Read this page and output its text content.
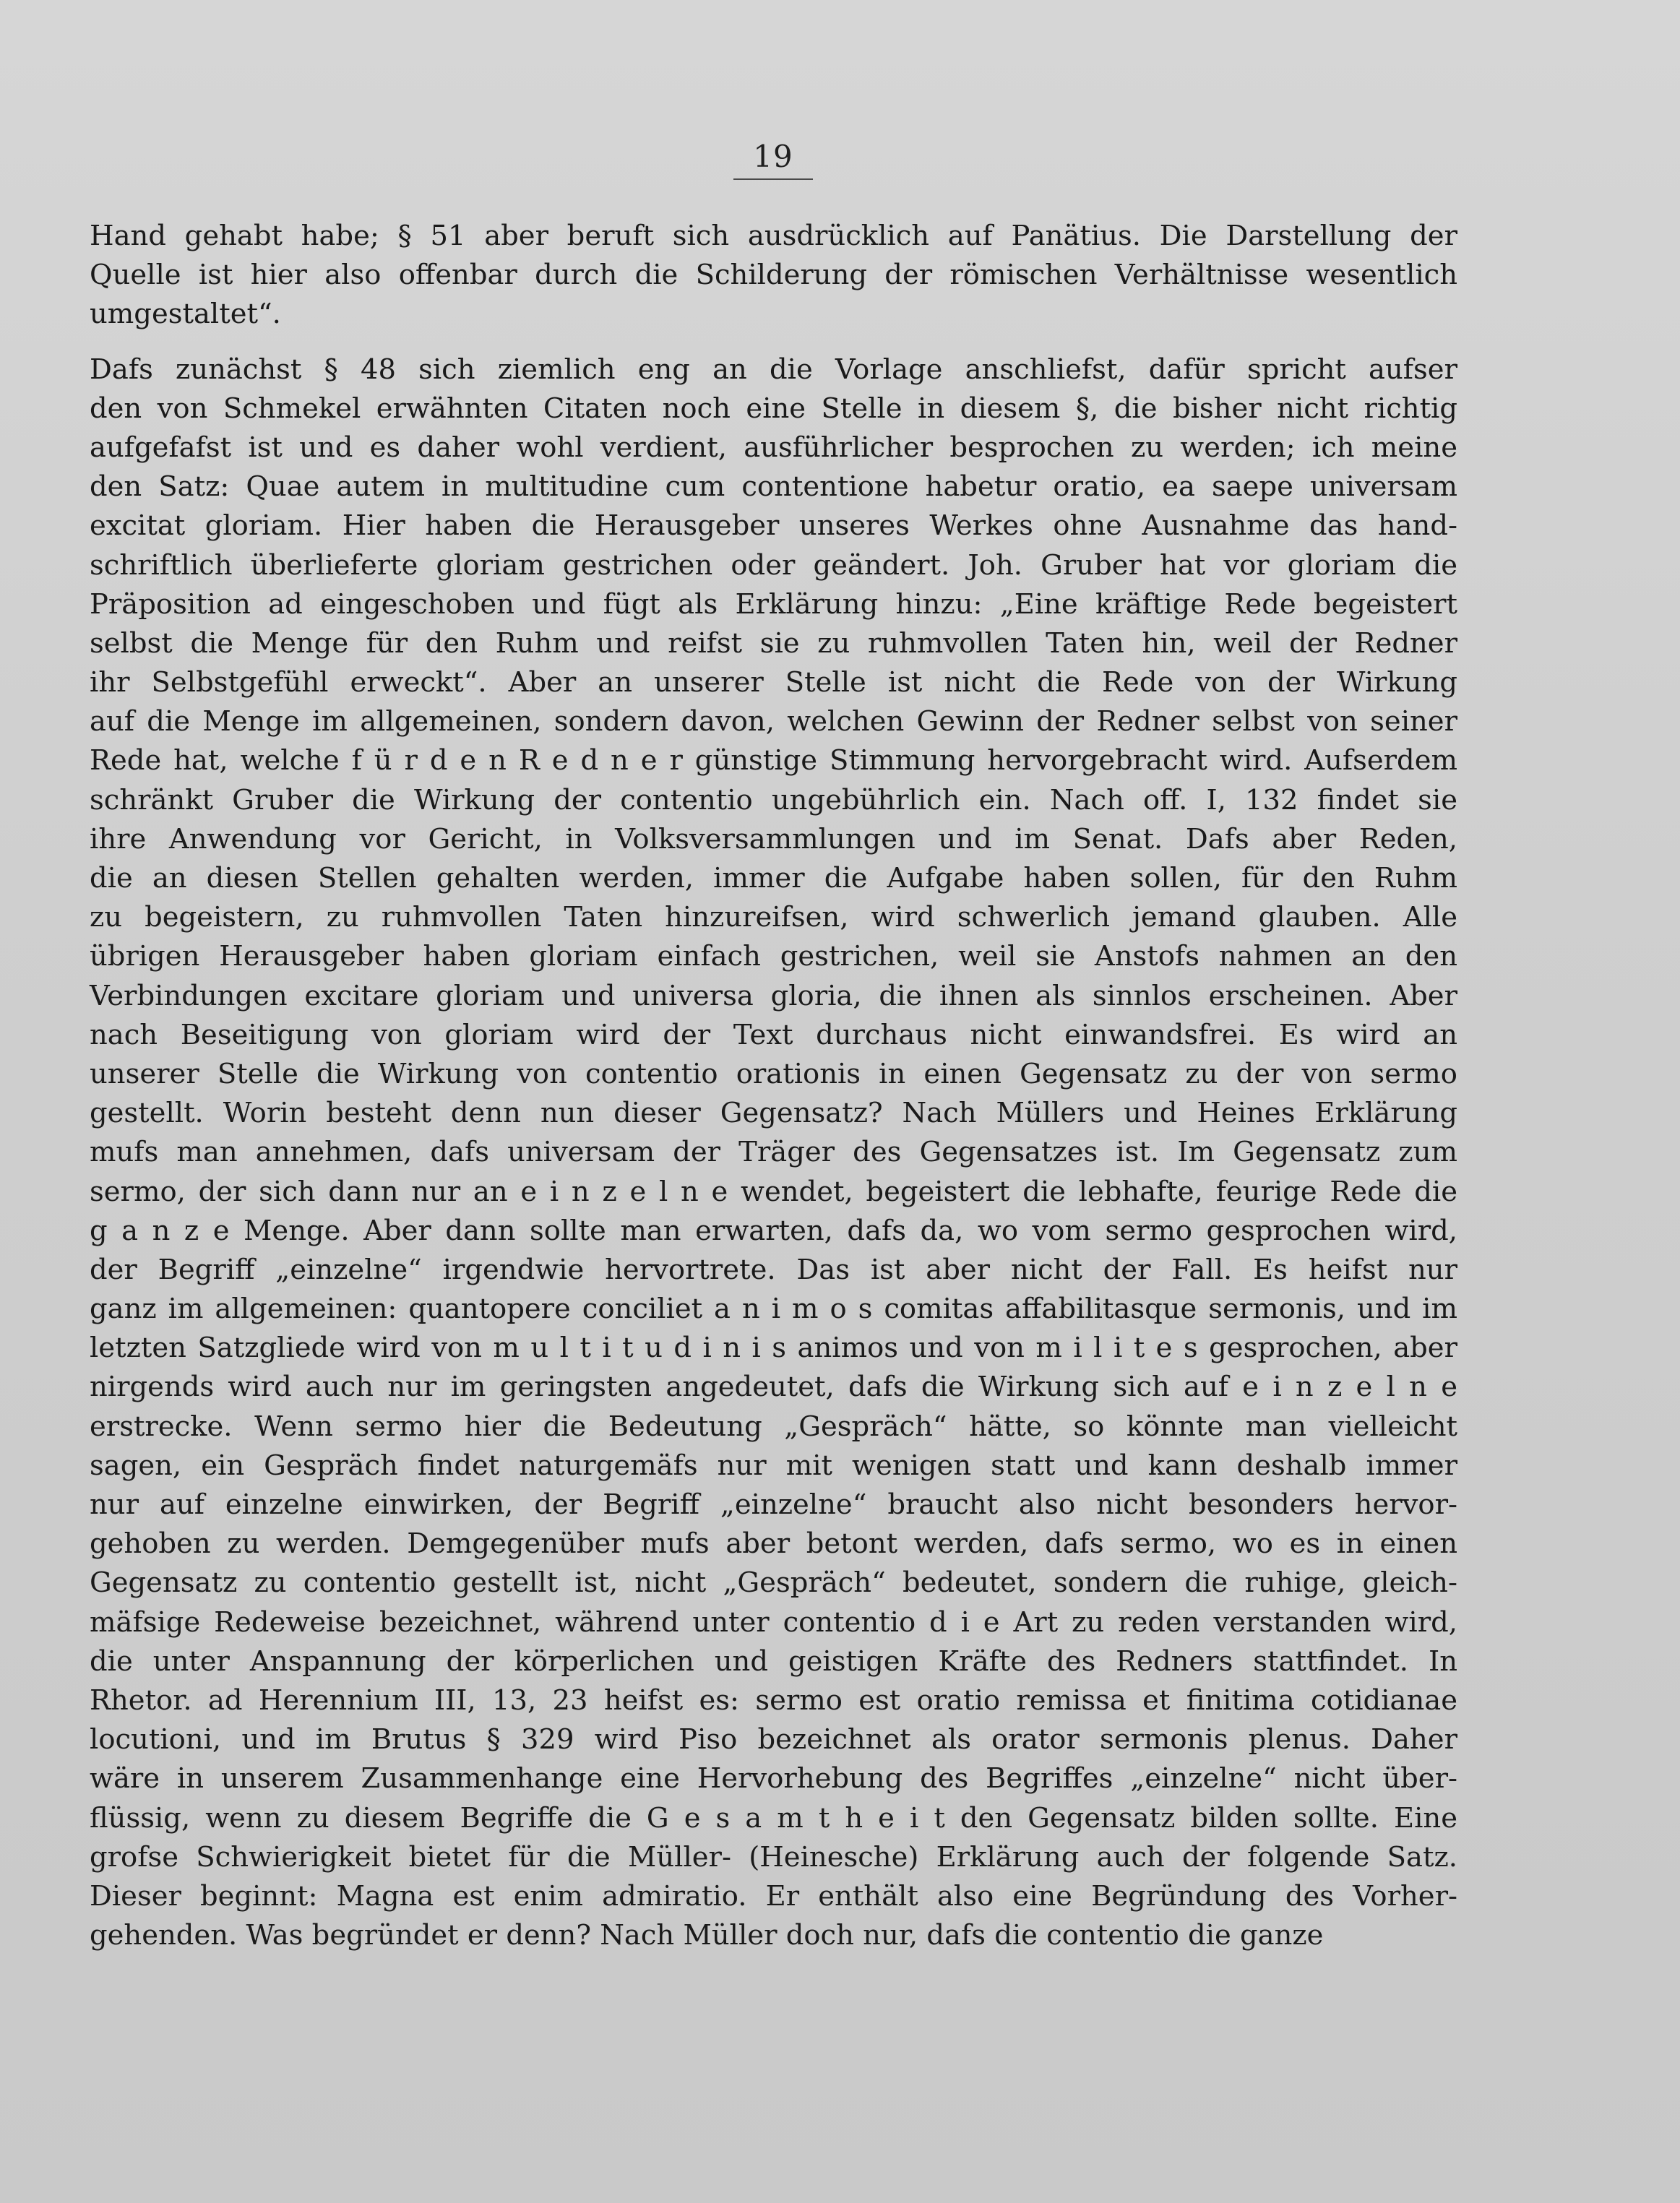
19
Hand gehabt habe; § 51 aber beruft sich ausdrücklich auf Panätius. Die Darstellung der
Quelle ist hier also offenbar durch die Schilderung der römischen Verhältnisse wesentlich
umgestaltet“.
Dafs zunächst § 48 sich ziemlich eng an die Vorlage anschliefst, dafür spricht aufser
den von Schmekel erwähnten Citaten noch eine Stelle in diesem §, die bisher nicht richtig
aufgefafst ist und es daher wohl verdient, ausführlicher besprochen zu werden; ich meine
den Satz: Quae autem in multitudine cum contentione habetur oratio, ea saepe universam
excitat gloriam. Hier haben die Herausgeber unseres Werkes ohne Ausnahme das hand-
schriftlich überlieferte gloriam gestrichen oder geändert. Joh. Gruber hat vor gloriam die
Präposition ad eingeschoben und fügt als Erklärung hinzu: „Eine kräftige Rede begeistert
selbst die Menge für den Ruhm und reifst sie zu ruhmvollen Taten hin, weil der Redner
ihr Selbstgefühl erweckt“. Aber an unserer Stelle ist nicht die Rede von der Wirkung
auf die Menge im allgemeinen, sondern davon, welchen Gewinn der Redner selbst von seiner
Rede hat, welche f ü r d e n R e d n e r günstige Stimmung hervorgebracht wird. Aufserdem
schränkt Gruber die Wirkung der contentio ungebührlich ein. Nach off. I, 132 findet sie
ihre Anwendung vor Gericht, in Volksversammlungen und im Senat. Dafs aber Reden,
die an diesen Stellen gehalten werden, immer die Aufgabe haben sollen, für den Ruhm
zu begeistern, zu ruhmvollen Taten hinzureifsen, wird schwerlich jemand glauben. Alle
übrigen Herausgeber haben gloriam einfach gestrichen, weil sie Anstofs nahmen an den
Verbindungen excitare gloriam und universa gloria, die ihnen als sinnlos erscheinen. Aber
nach Beseitigung von gloriam wird der Text durchaus nicht einwandsfrei. Es wird an
unserer Stelle die Wirkung von contentio orationis in einen Gegensatz zu der von sermo
gestellt. Worin besteht denn nun dieser Gegensatz? Nach Müllers und Heines Erklärung
mufs man annehmen, dafs universam der Träger des Gegensatzes ist. Im Gegensatz zum
sermo, der sich dann nur an e i n z e l n e wendet, begeistert die lebhafte, feurige Rede die
g a n z e Menge. Aber dann sollte man erwarten, dafs da, wo vom sermo gesprochen wird,
der Begriff „einzelne“ irgendwie hervortrete. Das ist aber nicht der Fall. Es heifst nur
ganz im allgemeinen: quantopere conciliet a n i m o s comitas affabilitasque sermonis, und im
letzten Satzgliede wird von m u l t i t u d i n i s animos und von m i l i t e s gesprochen, aber
nirgends wird auch nur im geringsten angedeutet, dafs die Wirkung sich auf e i n z e l n e
erstrecke. Wenn sermo hier die Bedeutung „Gespräch“ hätte, so könnte man vielleicht
sagen, ein Gespräch findet naturgemäfs nur mit wenigen statt und kann deshalb immer
nur auf einzelne einwirken, der Begriff „einzelne“ braucht also nicht besonders hervor-
gehoben zu werden. Demgegenüber mufs aber betont werden, dafs sermo, wo es in einen
Gegensatz zu contentio gestellt ist, nicht „Gespräch“ bedeutet, sondern die ruhige, gleich-
mäfsige Redeweise bezeichnet, während unter contentio d i e Art zu reden verstanden wird,
die unter Anspannung der körperlichen und geistigen Kräfte des Redners stattfindet. In
Rhetor. ad Herennium III, 13, 23 heifst es: sermo est oratio remissa et finitima cotidianae
locutioni, und im Brutus § 329 wird Piso bezeichnet als orator sermonis plenus. Daher
wäre in unserem Zusammenhange eine Hervorhebung des Begriffes „einzelne“ nicht über-
flüssig, wenn zu diesem Begriffe die G e s a m t h e i t den Gegensatz bilden sollte. Eine
grofse Schwierigkeit bietet für die Müller- (Heinesche) Erklärung auch der folgende Satz.
Dieser beginnt: Magna est enim admiratio. Er enthält also eine Begründung des Vorher-
gehenden. Was begründet er denn? Nach Müller doch nur, dafs die contentio die ganze
